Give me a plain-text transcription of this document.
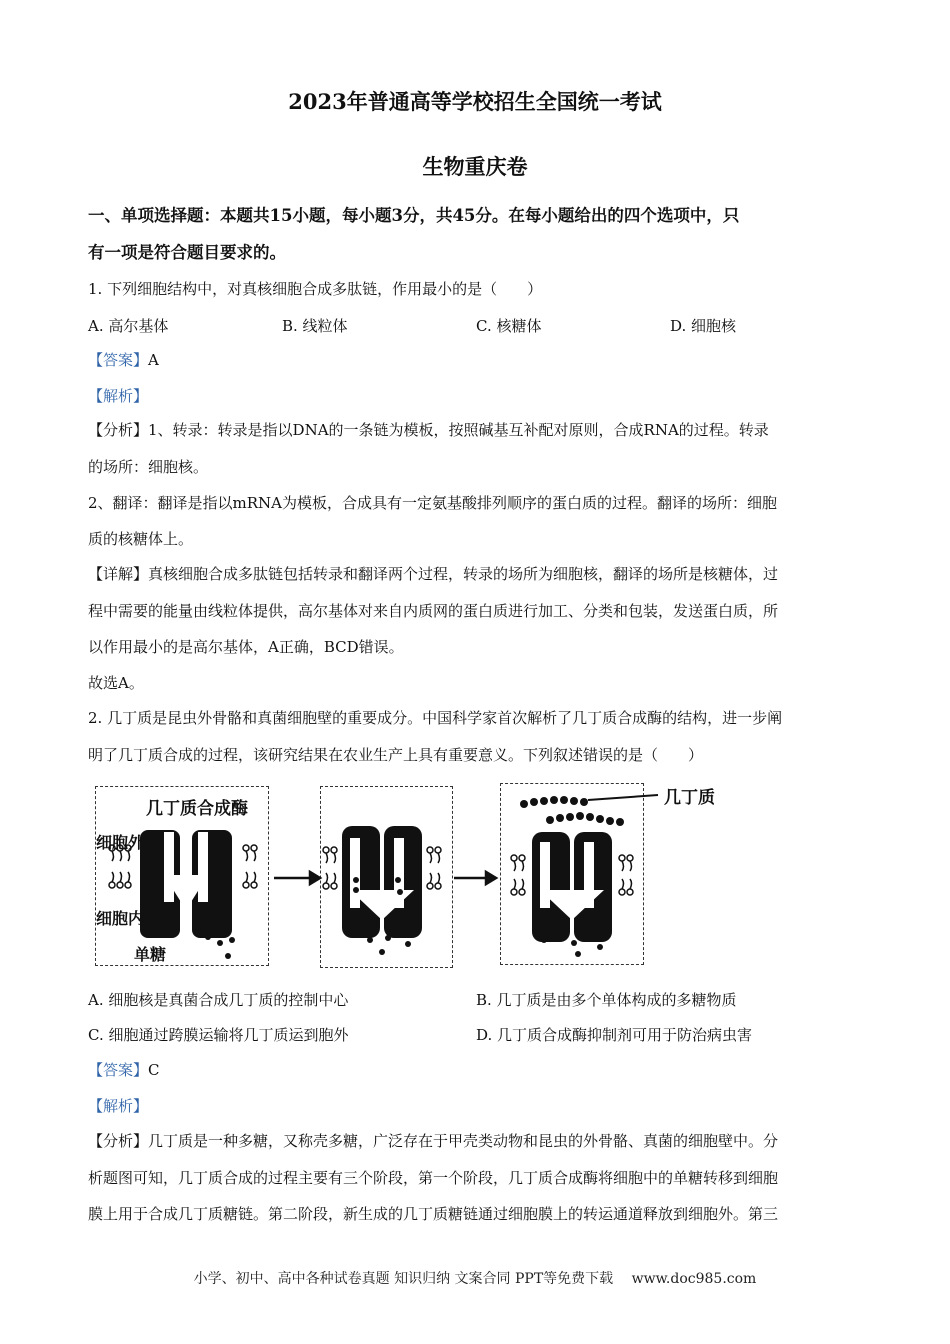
2023年普通高等学校招生全国统一考试
生物重庆卷
一、单项选择题：本题共15小题，每小题3分，共45分。在每小题给出的四个选项中，只
有一项是符合题目要求的。
1. 下列细胞结构中，对真核细胞合成多肽链，作用最小的是（　　）
A. 高尔基体	B. 线粒体	C. 核糖体	D. 细胞核
【答案】A
【解析】
【分析】1、转录：转录是指以DNA的一条链为模板，按照碱基互补配对原则，合成RNA的过程。转录
的场所：细胞核。
2、翻译：翻译是指以mRNA为模板，合成具有一定氨基酸排列顺序的蛋白质的过程。翻译的场所：细胞
质的核糖体上。
【详解】真核细胞合成多肽链包括转录和翻译两个过程，转录的场所为细胞核，翻译的场所是核糖体，过
程中需要的能量由线粒体提供，高尔基体对来自内质网的蛋白质进行加工、分类和包装，发送蛋白质，所
以作用最小的是高尔基体，A正确，BCD错误。
故选A。
2. 几丁质是昆虫外骨骼和真菌细胞壁的重要成分。中国科学家首次解析了几丁质合成酶的结构，进一步阐
明了几丁质合成的过程，该研究结果在农业生产上具有重要意义。下列叙述错误的是（　　）
几丁质合成酶
细胞外
细胞内
单糖
几丁质
A. 细胞核是真菌合成几丁质的控制中心	B. 几丁质是由多个单体构成的多糖物质
C. 细胞通过跨膜运输将几丁质运到胞外	D. 几丁质合成酶抑制剂可用于防治病虫害
【答案】C
【解析】
【分析】几丁质是一种多糖，又称壳多糖，广泛存在于甲壳类动物和昆虫的外骨骼、真菌的细胞壁中。分
析题图可知，几丁质合成的过程主要有三个阶段，第一个阶段，几丁质合成酶将细胞中的单糖转移到细胞
膜上用于合成几丁质糖链。第二阶段，新生成的几丁质糖链通过细胞膜上的转运通道释放到细胞外。第三
小学、初中、高中各种试卷真题 知识归纳 文案合同 PPT等免费下载　 www.doc985.com
